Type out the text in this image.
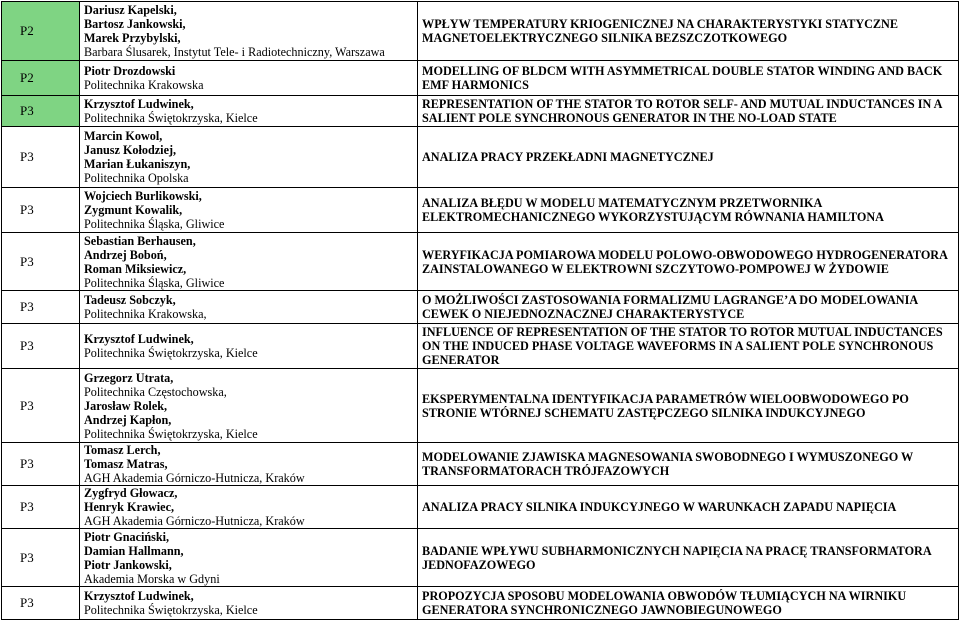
P2	Dariusz Kapelski,
Bartosz Jankowski,
Marek Przybylski,
Barbara Ślusarek, Instytut Tele- i Radiotechniczny, Warszawa	WPŁYW TEMPERATURY KRIOGENICZNEJ NA CHARAKTERYSTYKI STATYCZNE MAGNETOELEKTRYCZNEGO SILNIKA BEZSZCZOTKOWEGO
P2	Piotr Drozdowski
Politechnika Krakowska	MODELLING OF BLDCM WITH ASYMMETRICAL DOUBLE STATOR WINDING AND BACK EMF HARMONICS
P3	Krzysztof Ludwinek,
Politechnika Świętokrzyska, Kielce	REPRESENTATION OF THE STATOR TO ROTOR SELF- AND MUTUAL INDUCTANCES IN A SALIENT POLE SYNCHRONOUS GENERATOR IN THE NO-LOAD STATE
P3	Marcin Kowol,
Janusz Kołodziej,
Marian Łukaniszyn,
Politechnika Opolska	ANALIZA PRACY PRZEKŁADNI MAGNETYCZNEJ
P3	Wojciech Burlikowski,
Zygmunt Kowalik,
Politechnika Śląska, Gliwice	ANALIZA BŁĘDU W MODELU MATEMATYCZNYM PRZETWORNIKA ELEKTROMECHANICZNEGO WYKORZYSTUJĄCYM RÓWNANIA HAMILTONA
P3	Sebastian Berhausen,
Andrzej Boboń,
Roman Miksiewicz,
Politechnika Śląska, Gliwice	WERYFIKACJA POMIAROWA MODELU POLOWO-OBWODOWEGO HYDROGENERATORA ZAINSTALOWANEGO W ELEKTROWNI SZCZYTOWO-POMPOWEJ W ŻYDOWIE
P3	Tadeusz Sobczyk,
Politechnika Krakowska,	O MOŻLIWOŚCI ZASTOSOWANIA FORMALIZMU LAGRANGE’A DO MODELOWANIA CEWEK O NIEJEDNOZNACZNEJ CHARAKTERYSTYCE
P3	Krzysztof Ludwinek,
Politechnika Świętokrzyska, Kielce	INFLUENCE OF REPRESENTATION OF THE STATOR TO ROTOR MUTUAL INDUCTANCES ON THE INDUCED PHASE VOLTAGE WAVEFORMS IN A SALIENT POLE SYNCHRONOUS GENERATOR
P3	Grzegorz Utrata,
Politechnika Częstochowska,
Jarosław Rolek,
Andrzej Kapłon,
Politechnika Świętokrzyska, Kielce	EKSPERYMENTALNA IDENTYFIKACJA PARAMETRÓW WIELOOBWODOWEGO PO STRONIE WTÓRNEJ SCHEMATU ZASTĘPCZEGO SILNIKA INDUKCYJNEGO
P3	Tomasz Lerch,
Tomasz Matras,
AGH Akademia Górniczo-Hutnicza, Kraków	MODELOWANIE ZJAWISKA MAGNESOWANIA SWOBODNEGO I WYMUSZONEGO W TRANSFORMATORACH TRÓJFAZOWYCH
P3	Zygfryd Głowacz,
Henryk Krawiec,
AGH Akademia Górniczo-Hutnicza, Kraków	ANALIZA PRACY SILNIKA INDUKCYJNEGO W WARUNKACH ZAPADU NAPIĘCIA
P3	Piotr Gnaciński,
Damian Hallmann,
Piotr Jankowski,
Akademia Morska w Gdyni	BADANIE WPŁYWU SUBHARMONICZNYCH NAPIĘCIA NA PRACĘ TRANSFORMATORA JEDNOFAZOWEGO
P3	Krzysztof Ludwinek,
Politechnika Świętokrzyska, Kielce	PROPOZYCJA SPOSOBU MODELOWANIA OBWODÓW TŁUMIĄCYCH NA WIRNIKU GENERATORA SYNCHRONICZNEGO JAWNOBIEGUNOWEGO
